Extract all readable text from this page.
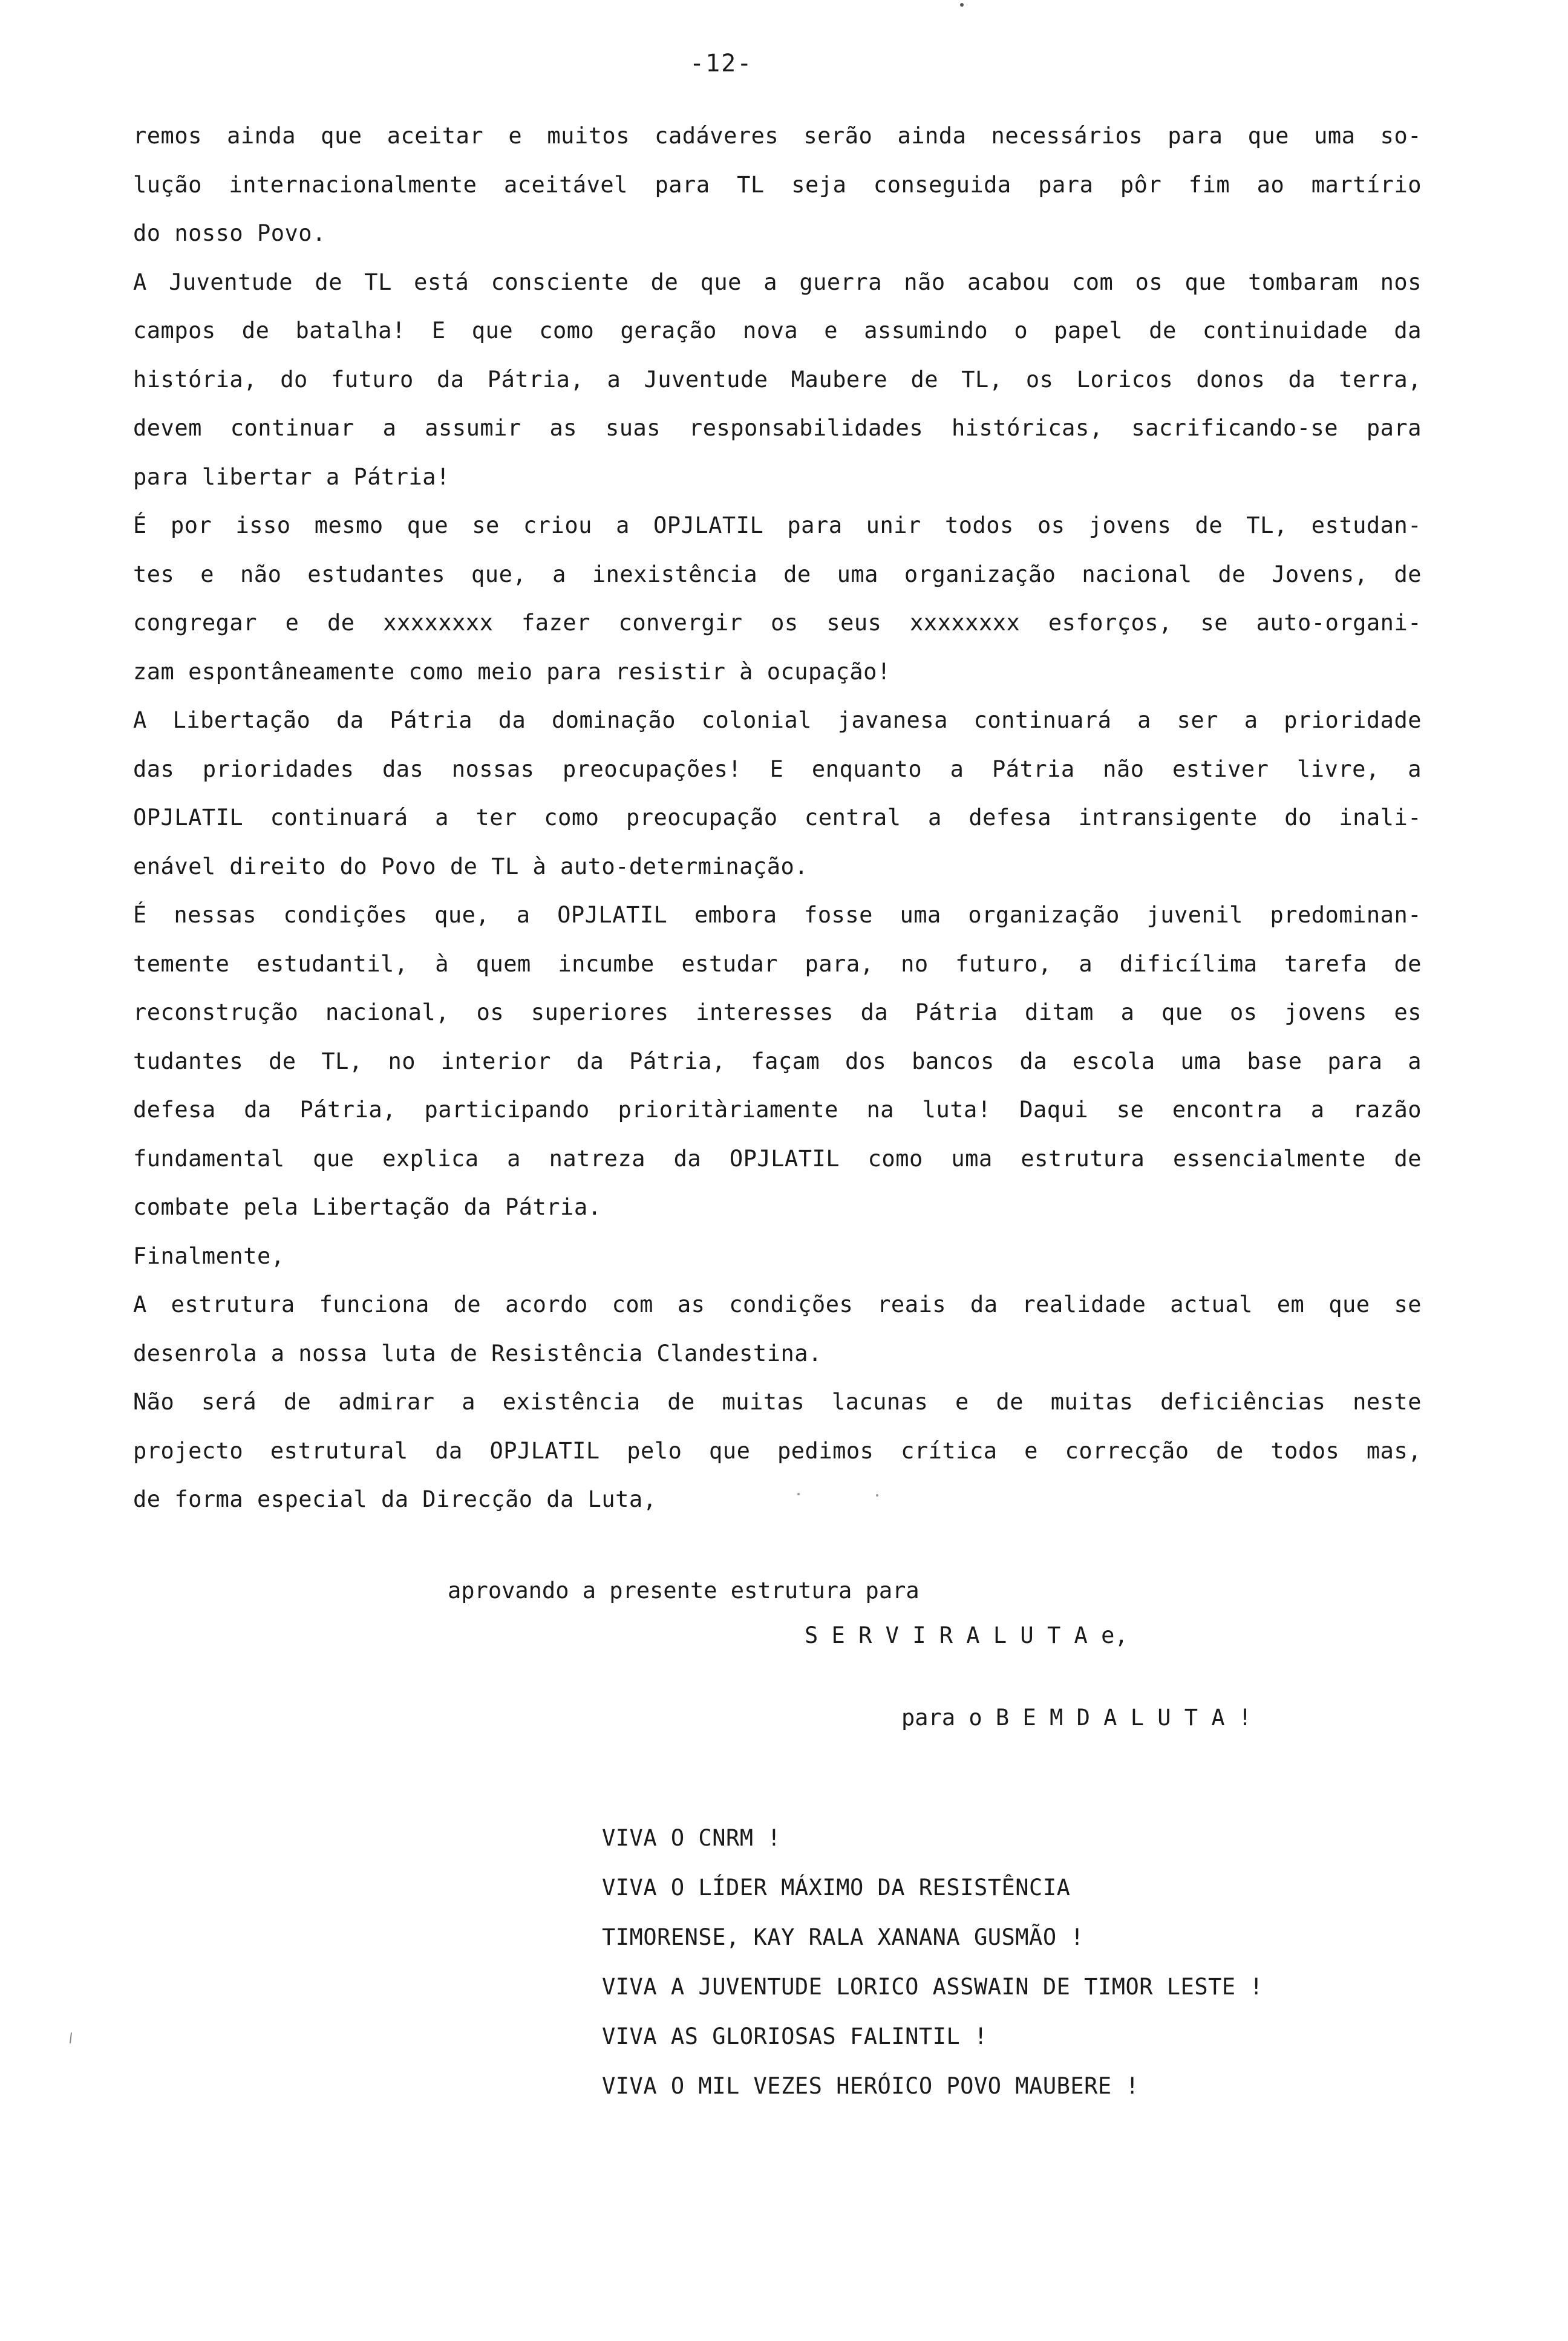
-12-
remos ainda que aceitar e muitos cadáveres serão ainda necessários para que uma so-
lução internacionalmente aceitável para TL seja conseguida para pôr fim ao martírio
do nosso Povo.
A Juventude de TL está consciente de que a guerra não acabou com os que tombaram nos
campos de batalha! E que como geração nova e assumindo o papel de continuidade da
história, do futuro da Pátria, a Juventude Maubere de TL, os Loricos donos da terra,
devem continuar a assumir as suas responsabilidades históricas, sacrificando-se para
para libertar a Pátria!
É por isso mesmo que se criou a OPJLATIL para unir todos os jovens de TL, estudan-
tes e não estudantes que, a inexistência de uma organização nacional de Jovens, de
congregar e de xxxxxxxx fazer convergir os seus xxxxxxxx esforços, se auto-organi-
zam espontâneamente como meio para resistir à ocupação!
A Libertação da Pátria da dominação colonial javanesa continuará a ser a prioridade
das prioridades das nossas preocupações! E enquanto a Pátria não estiver livre, a
OPJLATIL continuará a ter como preocupação central a defesa intransigente do inali-
enável direito do Povo de TL à auto-determinação.
É nessas condições que, a OPJLATIL embora fosse uma organização juvenil predominan-
temente estudantil, à quem incumbe estudar para, no futuro, a dificílima tarefa de
reconstrução nacional, os superiores interesses da Pátria ditam a que os jovens es
tudantes de TL, no interior da Pátria, façam dos bancos da escola uma base para a
defesa da Pátria, participando prioritàriamente na luta! Daqui se encontra a razão
fundamental que explica a natreza da OPJLATIL como uma estrutura essencialmente de
combate pela Libertação da Pátria.
Finalmente,
A estrutura funciona de acordo com as condições reais da realidade actual em que se
desenrola a nossa luta de Resistência Clandestina.
Não será de admirar a existência de muitas lacunas e de muitas deficiências neste
projecto estrutural da OPJLATIL pelo que pedimos crítica e correcção de todos mas,
de forma especial da Direcção da Luta,
aprovando a presente estrutura para
S E R V I R A L U T A e,
para o B E M D A L U T A !
VIVA O CNRM !
VIVA O LÍDER MÁXIMO DA RESISTÊNCIA
TIMORENSE, KAY RALA XANANA GUSMÃO !
VIVA A JUVENTUDE LORICO ASSWAIN DE TIMOR LESTE !
VIVA AS GLORIOSAS FALINTIL !
VIVA O MIL VEZES HERÓICO POVO MAUBERE !
